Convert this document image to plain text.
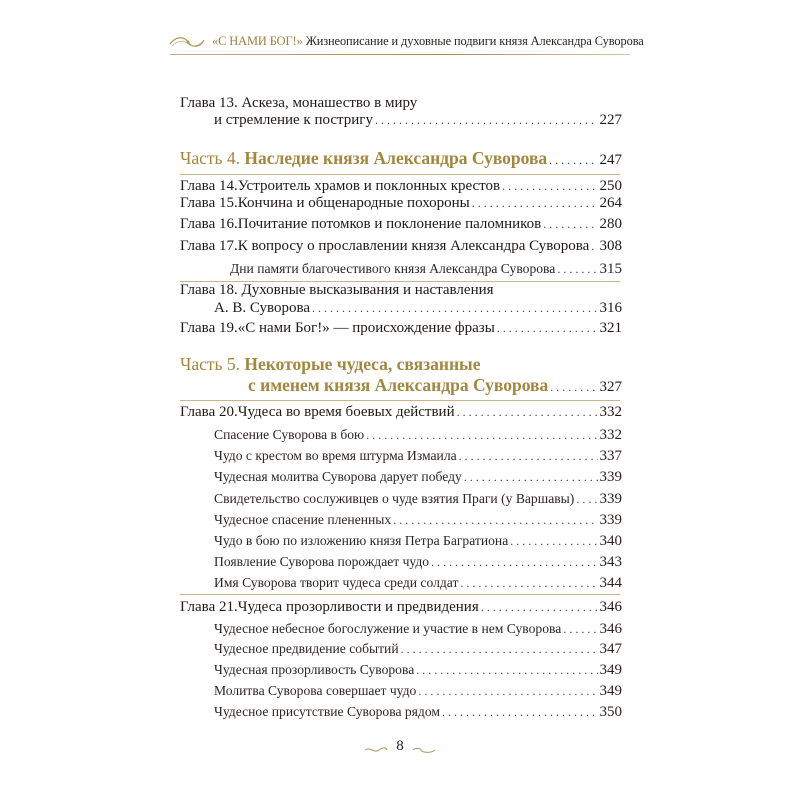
«С НАМИ БОГ!» Жизнеописание и духовные подвиги князя Александра Суворова
Глава 13. Аскеза, монашество в миру
и стремление к постригу . . .	227
Часть 4. Наследие князя Александра Суворова . . .	247
Глава 14. Устроитель храмов и поклонных крестов . . .	250
Глава 15. Кончина и общенародные похороны . . .	264
Глава 16. Почитание потомков и поклонение паломников . . .	280
Глава 17. К вопросу о прославлении князя Александра Суворова . . . 308
Дни памяти благочестивого князя Александра Суворова . . .	315
Глава 18. Духовные высказывания и наставления
А. В. Суворова . . .	316
Глава 19. «С нами Бог!» — происхождение фразы . . .	321
Часть 5. Некоторые чудеса, связанные
с именем князя Александра Суворова . . .	327
Глава 20. Чудеса во время боевых действий . . .	332
Спасение Суворова в бою . . .	332
Чудо с крестом во время штурма Измаила . . .	337
Чудесная молитва Суворова дарует победу . . .	339
Свидетельство сослуживцев о чуде взятия Праги (у Варшавы) . . . 339
Чудесное спасение плененных . . .	339
Чудо в бою по изложению князя Петра Багратиона . . .	340
Появление Суворова порождает чудо . . .	343
Имя Суворова творит чудеса среди солдат . . .	344
Глава 21. Чудеса прозорливости и предвидения . . .	346
Чудесное небесное богослужение и участие в нем Суворова . . .	346
Чудесное предвидение событий . . .	347
Чудесная прозорливость Суворова . . .	349
Молитва Суворова совершает чудо . . .	349
Чудесное присутствие Суворова рядом . . .	350
8
